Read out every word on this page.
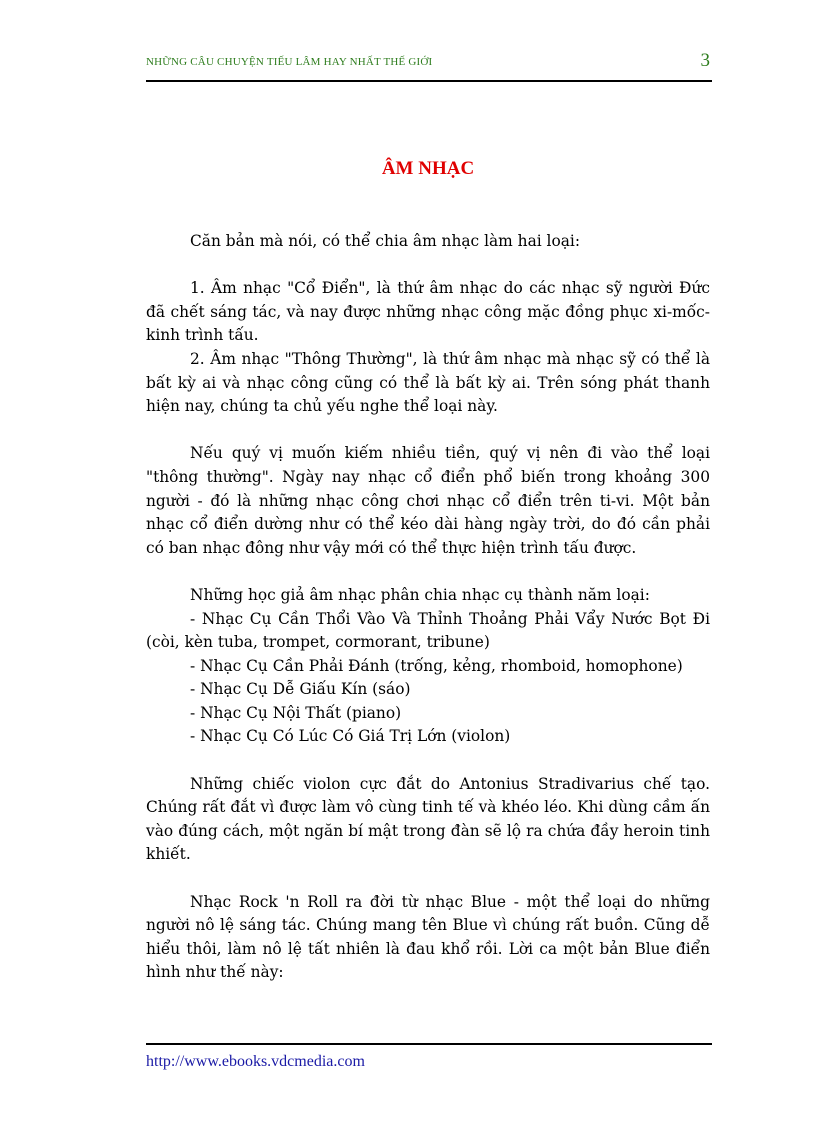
NHỮNG CÂU CHUYỆN TIẾU LÂM HAY NHẤT THẾ GIỚI	3
ÂM NHẠC

Căn bản mà nói, có thể chia âm nhạc làm hai loại:

1. Âm nhạc "Cổ Điển", là thứ âm nhạc do các nhạc sỹ người Đức đã chết sáng tác, và nay được những nhạc công mặc đồng phục xi-mốc-kinh trình tấu.

2. Âm nhạc "Thông Thường", là thứ âm nhạc mà nhạc sỹ có thể là bất kỳ ai và nhạc công cũng có thể là bất kỳ ai. Trên sóng phát thanh hiện nay, chúng ta chủ yếu nghe thể loại này.

Nếu quý vị muốn kiếm nhiều tiền, quý vị nên đi vào thể loại "thông thường". Ngày nay nhạc cổ điển phổ biến trong khoảng 300 người - đó là những nhạc công chơi nhạc cổ điển trên ti-vi. Một bản nhạc cổ điển dường như có thể kéo dài hàng ngày trời, do đó cần phải có ban nhạc đông như vậy mới có thể thực hiện trình tấu được.

Những học giả âm nhạc phân chia nhạc cụ thành năm loại:

- Nhạc Cụ Cần Thổi Vào Và Thỉnh Thoảng Phải Vẩy Nước Bọt Đi (còi, kèn tuba, trompet, cormorant, tribune)

- Nhạc Cụ Cần Phải Đánh (trống, kẻng, rhomboid, homophone)

- Nhạc Cụ Dễ Giấu Kín (sáo)

- Nhạc Cụ Nội Thất (piano)

- Nhạc Cụ Có Lúc Có Giá Trị Lớn (violon)

Những chiếc violon cực đắt do Antonius Stradivarius chế tạo. Chúng rất đắt vì được làm vô cùng tinh tế và khéo léo. Khi dùng cầm ấn vào đúng cách, một ngăn bí mật trong đàn sẽ lộ ra chứa đầy heroin tinh khiết.

Nhạc Rock 'n Roll ra đời từ nhạc Blue - một thể loại do những người nô lệ sáng tác. Chúng mang tên Blue vì chúng rất buồn. Cũng dễ hiểu thôi, làm nô lệ tất nhiên là đau khổ rồi. Lời ca một bản Blue điển hình như thế này:

http://www.ebooks.vdcmedia.com
